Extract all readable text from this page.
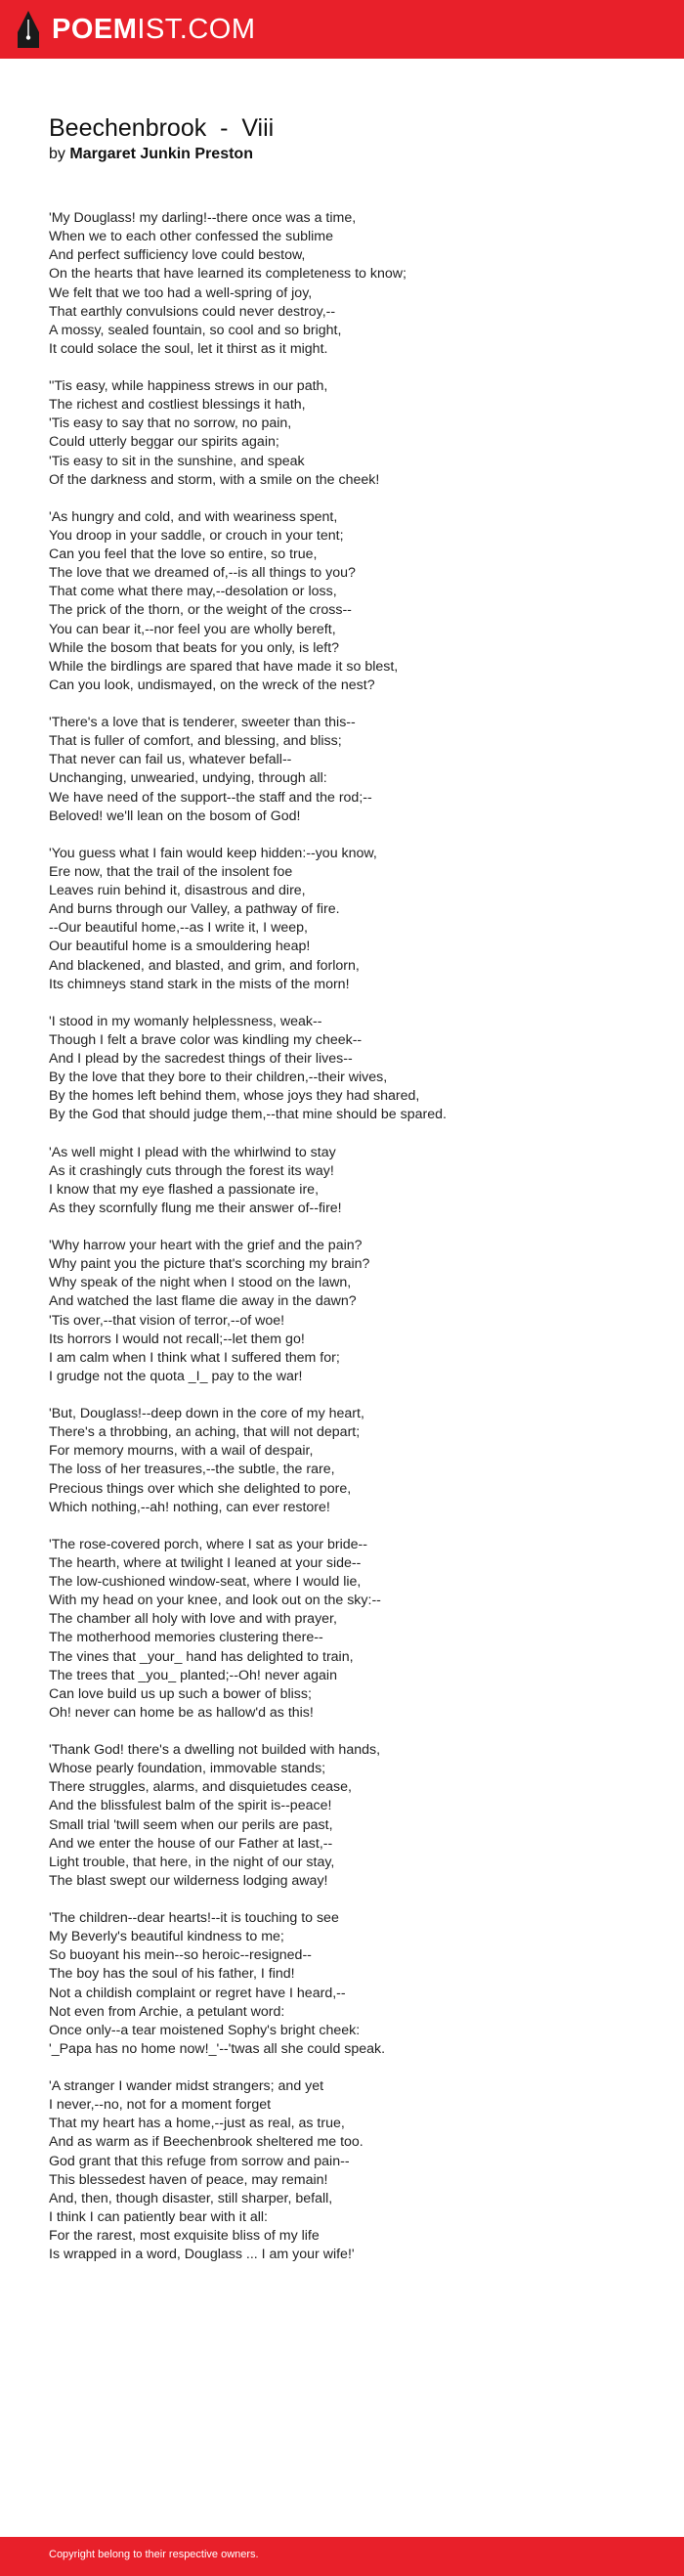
POEMIST.COM
Beechenbrook  -  Viii

by Margaret Junkin Preston

'My Douglass! my darling!--there once was a time,
When we to each other confessed the sublime
And perfect sufficiency love could bestow,
On the hearts that have learned its completeness to know;
We felt that we too had a well-spring of joy,
That earthly convulsions could never destroy,--
A mossy, sealed fountain, so cool and so bright,
It could solace the soul, let it thirst as it might.
''Tis easy, while happiness strews in our path,
The richest and costliest blessings it hath,
'Tis easy to say that no sorrow, no pain,
Could utterly beggar our spirits again;
'Tis easy to sit in the sunshine, and speak
Of the darkness and storm, with a smile on the cheek!
'As hungry and cold, and with weariness spent,
You droop in your saddle, or crouch in your tent;
Can you feel that the love so entire, so true,
The love that we dreamed of,--is all things to you?
That come what there may,--desolation or loss,
The prick of the thorn, or the weight of the cross--
You can bear it,--nor feel you are wholly bereft,
While the bosom that beats for you only, is left?
While the birdlings are spared that have made it so blest,
Can you look, undismayed, on the wreck of the nest?
'There's a love that is tenderer, sweeter than this--
That is fuller of comfort, and blessing, and bliss;
That never can fail us, whatever befall--
Unchanging, unwearied, undying, through all:
We have need of the support--the staff and the rod;--
Beloved! we'll lean on the bosom of God!
'You guess what I fain would keep hidden:--you know,
Ere now, that the trail of the insolent foe
Leaves ruin behind it, disastrous and dire,
And burns through our Valley, a pathway of fire.
--Our beautiful home,--as I write it, I weep,
Our beautiful home is a smouldering heap!
And blackened, and blasted, and grim, and forlorn,
Its chimneys stand stark in the mists of the morn!
'I stood in my womanly helplessness, weak--
Though I felt a brave color was kindling my cheek--
And I plead by the sacredest things of their lives--
By the love that they bore to their children,--their wives,
By the homes left behind them, whose joys they had shared,
By the God that should judge them,--that mine should be spared.
'As well might I plead with the whirlwind to stay
As it crashingly cuts through the forest its way!
I know that my eye flashed a passionate ire,
As they scornfully flung me their answer of--fire!
'Why harrow your heart with the grief and the pain?
Why paint you the picture that's scorching my brain?
Why speak of the night when I stood on the lawn,
And watched the last flame die away in the dawn?
'Tis over,--that vision of terror,--of woe!
Its horrors I would not recall;--let them go!
I am calm when I think what I suffered them for;
I grudge not the quota _I_ pay to the war!
'But, Douglass!--deep down in the core of my heart,
There's a throbbing, an aching, that will not depart;
For memory mourns, with a wail of despair,
The loss of her treasures,--the subtle, the rare,
Precious things over which she delighted to pore,
Which nothing,--ah! nothing, can ever restore!
'The rose-covered porch, where I sat as your bride--
The hearth, where at twilight I leaned at your side--
The low-cushioned window-seat, where I would lie,
With my head on your knee, and look out on the sky:--
The chamber all holy with love and with prayer,
The motherhood memories clustering there--
The vines that _your_ hand has delighted to train,
The trees that _you_ planted;--Oh! never again
Can love build us up such a bower of bliss;
Oh! never can home be as hallow'd as this!
'Thank God! there's a dwelling not builded with hands,
Whose pearly foundation, immovable stands;
There struggles, alarms, and disquietudes cease,
And the blissfulest balm of the spirit is--peace!
Small trial 'twill seem when our perils are past,
And we enter the house of our Father at last,--
Light trouble, that here, in the night of our stay,
The blast swept our wilderness lodging away!
'The children--dear hearts!--it is touching to see
My Beverly's beautiful kindness to me;
So buoyant his mein--so heroic--resigned--
The boy has the soul of his father, I find!
Not a childish complaint or regret have I heard,--
Not even from Archie, a petulant word:
Once only--a tear moistened Sophy's bright cheek:
'_Papa has no home now!_'--'twas all she could speak.
'A stranger I wander midst strangers; and yet
I never,--no, not for a moment forget
That my heart has a home,--just as real, as true,
And as warm as if Beechenbrook sheltered me too.
God grant that this refuge from sorrow and pain--
This blessedest haven of peace, may remain!
And, then, though disaster, still sharper, befall,
I think I can patiently bear with it all:
For the rarest, most exquisite bliss of my life
Is wrapped in a word, Douglass ... I am your wife!'
Copyright belong to their respective owners.
